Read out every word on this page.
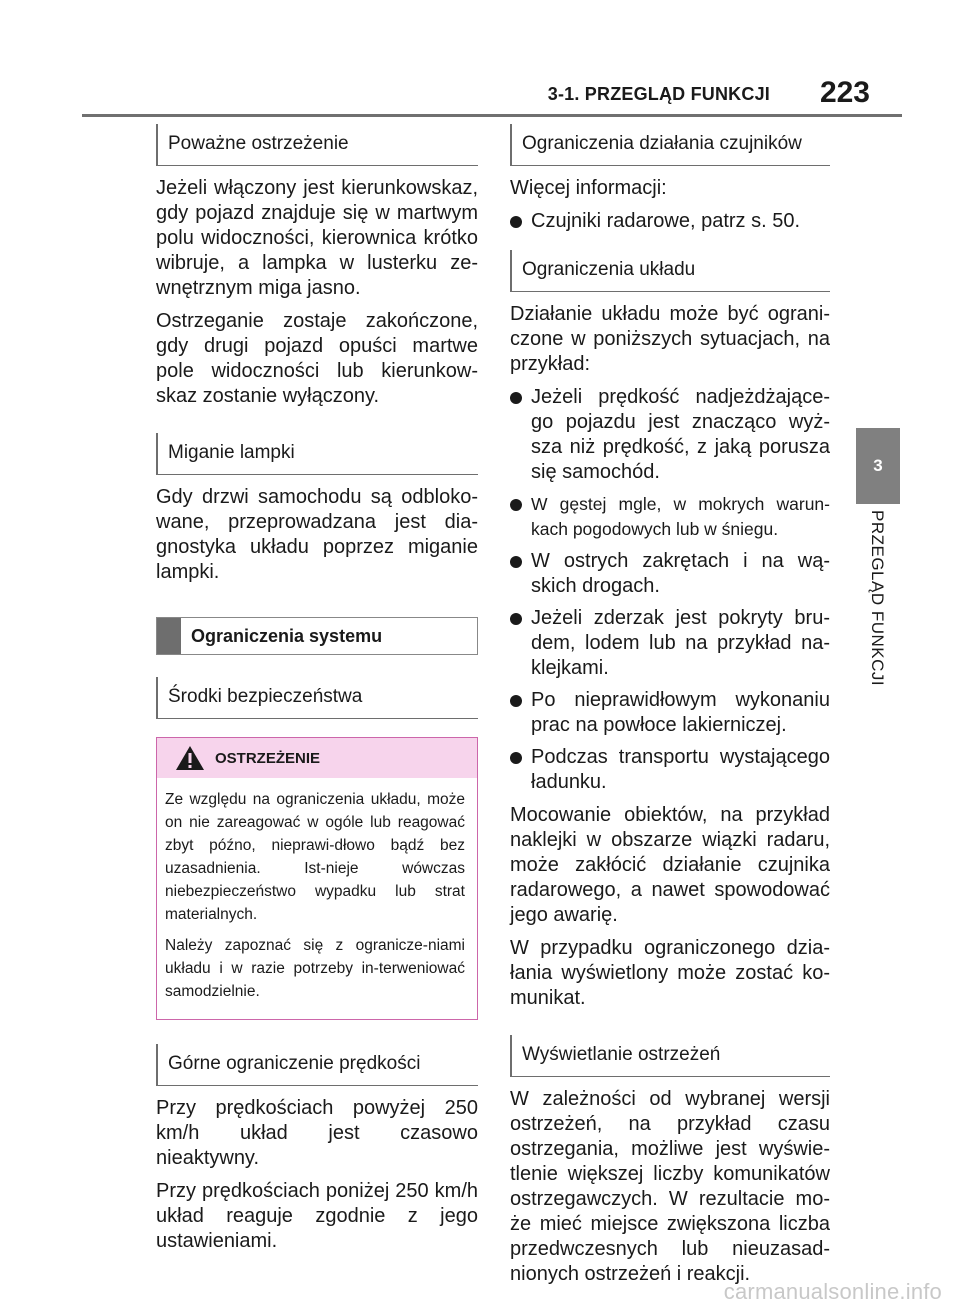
3-1. PRZEGLĄD FUNKCJI	223
3
PRZEGLĄD FUNKCJI
Poważne ostrzeżenie

Jeżeli włączony jest kierunkowskaz, gdy pojazd znajduje się w martwym polu widoczności, kierownica krótko wibruje, a lampka w lusterku ze-wnętrznym miga jasno.

Ostrzeganie zostaje zakończone, gdy drugi pojazd opuści martwe pole widoczności lub kierunkow-skaz zostanie wyłączony.

Miganie lampki

Gdy drzwi samochodu są odbloko-wane, przeprowadzana jest dia-gnostyka układu poprzez miganie lampki.

Ograniczenia systemu
Środki bezpieczeństwa
OSTRZEŻENIE

Ze względu na ograniczenia układu, może on nie zareagować w ogóle lub reagować zbyt późno, nieprawi-dłowo bądź bez uzasadnienia. Ist-nieje wówczas niebezpieczeństwo wypadku lub strat materialnych.

Należy zapoznać się z ogranicze-niami układu i w razie potrzeby in-terweniować samodzielnie.

Górne ograniczenie prędkości

Przy prędkościach powyżej 250 km/h układ jest czasowo nieaktywny.

Przy prędkościach poniżej 250 km/h układ reaguje zgodnie z jego ustawieniami.

Ograniczenia działania czujników

Więcej informacji:

Czujniki radarowe, patrz s. 50.
Ograniczenia układu

Działanie układu może być ograni-czone w poniższych sytuacjach, na przykład:

Jeżeli prędkość nadjeżdżające-go pojazdu jest znacząco wyż-sza niż prędkość, z jaką porusza się samochód.
W gęstej mgle, w mokrych warun-kach pogodowych lub w śniegu.
W ostrych zakrętach i na wą-skich drogach.
Jeżeli zderzak jest pokryty bru-dem, lodem lub na przykład na-klejkami.
Po nieprawidłowym wykonaniu prac na powłoce lakierniczej.
Podczas transportu wystającego ładunku.

Mocowanie obiektów, na przykład naklejki w obszarze wiązki radaru, może zakłócić działanie czujnika radarowego, a nawet spowodować jego awarię.

W przypadku ograniczonego dzia-łania wyświetlony może zostać ko-munikat.

Wyświetlanie ostrzeżeń

W zależności od wybranej wersji ostrzeżeń, na przykład czasu ostrzegania, możliwe jest wyświe-tlenie większej liczby komunikatów ostrzegawczych. W rezultacie mo-że mieć miejsce zwiększona liczba przedwczesnych lub nieuzasad-nionych ostrzeżeń i reakcji.

carmanualsonline.info
